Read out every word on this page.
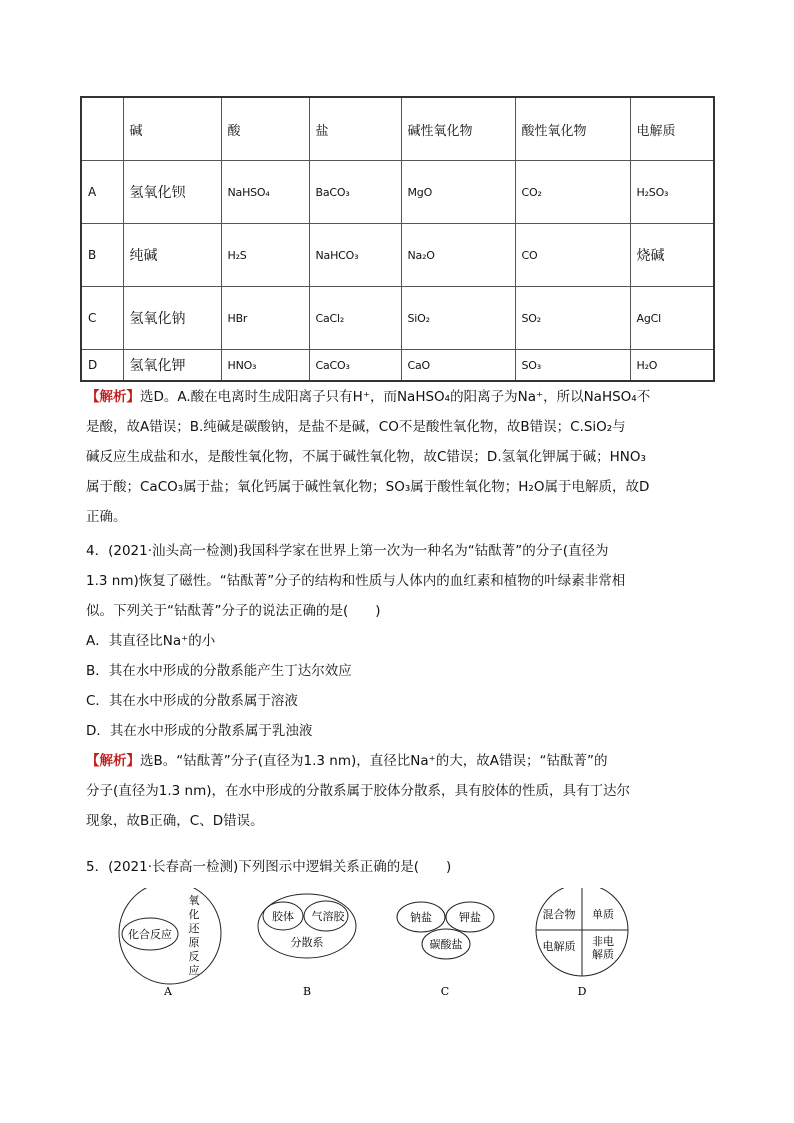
	碱	酸	盐	碱性氧化物	酸性氧化物	电解质
A	氢氧化钡	NaHSO₄	BaCO₃	MgO	CO₂	H₂SO₃
B	纯碱	H₂S	NaHCO₃	Na₂O	CO	烧碱
C	氢氧化钠	HBr	CaCl₂	SiO₂	SO₂	AgCl
D	氢氧化钾	HNO₃	CaCO₃	CaO	SO₃	H₂O
【解析】选D。A.酸在电离时生成阳离子只有H⁺，而NaHSO₄的阳离子为Na⁺，所以NaHSO₄不
是酸，故A错误；B.纯碱是碳酸钠，是盐不是碱，CO不是酸性氧化物，故B错误；C.SiO₂与
碱反应生成盐和水，是酸性氧化物，不属于碱性氧化物，故C错误；D.氢氧化钾属于碱；HNO₃
属于酸；CaCO₃属于盐；氧化钙属于碱性氧化物；SO₃属于酸性氧化物；H₂O属于电解质，故D
正确。
4．(2021·汕头高一检测)我国科学家在世界上第一次为一种名为“钴酞菁”的分子(直径为
1.3 nm)恢复了磁性。“钴酞菁”分子的结构和性质与人体内的血红素和植物的叶绿素非常相
似。下列关于“钴酞菁”分子的说法正确的是(　　)
A．其直径比Na⁺的小
B．其在水中形成的分散系能产生丁达尔效应
C．其在水中形成的分散系属于溶液
D．其在水中形成的分散系属于乳浊液
【解析】选B。“钴酞菁”分子(直径为1.3 nm)，直径比Na⁺的大，故A错误；“钴酞菁”的
分子(直径为1.3 nm)，在水中形成的分散系属于胶体分散系，具有胶体的性质，具有丁达尔
现象，故B正确，C、D错误。
5．(2021·长春高一检测)下列图示中逻辑关系正确的是(　　)
化合反应
氧
化
还
原
反
应
A
胶体 气溶胶
分散系
B
钠盐 钾盐
碳酸盐
C
混合物 单质
电解质 非电
解质
D
